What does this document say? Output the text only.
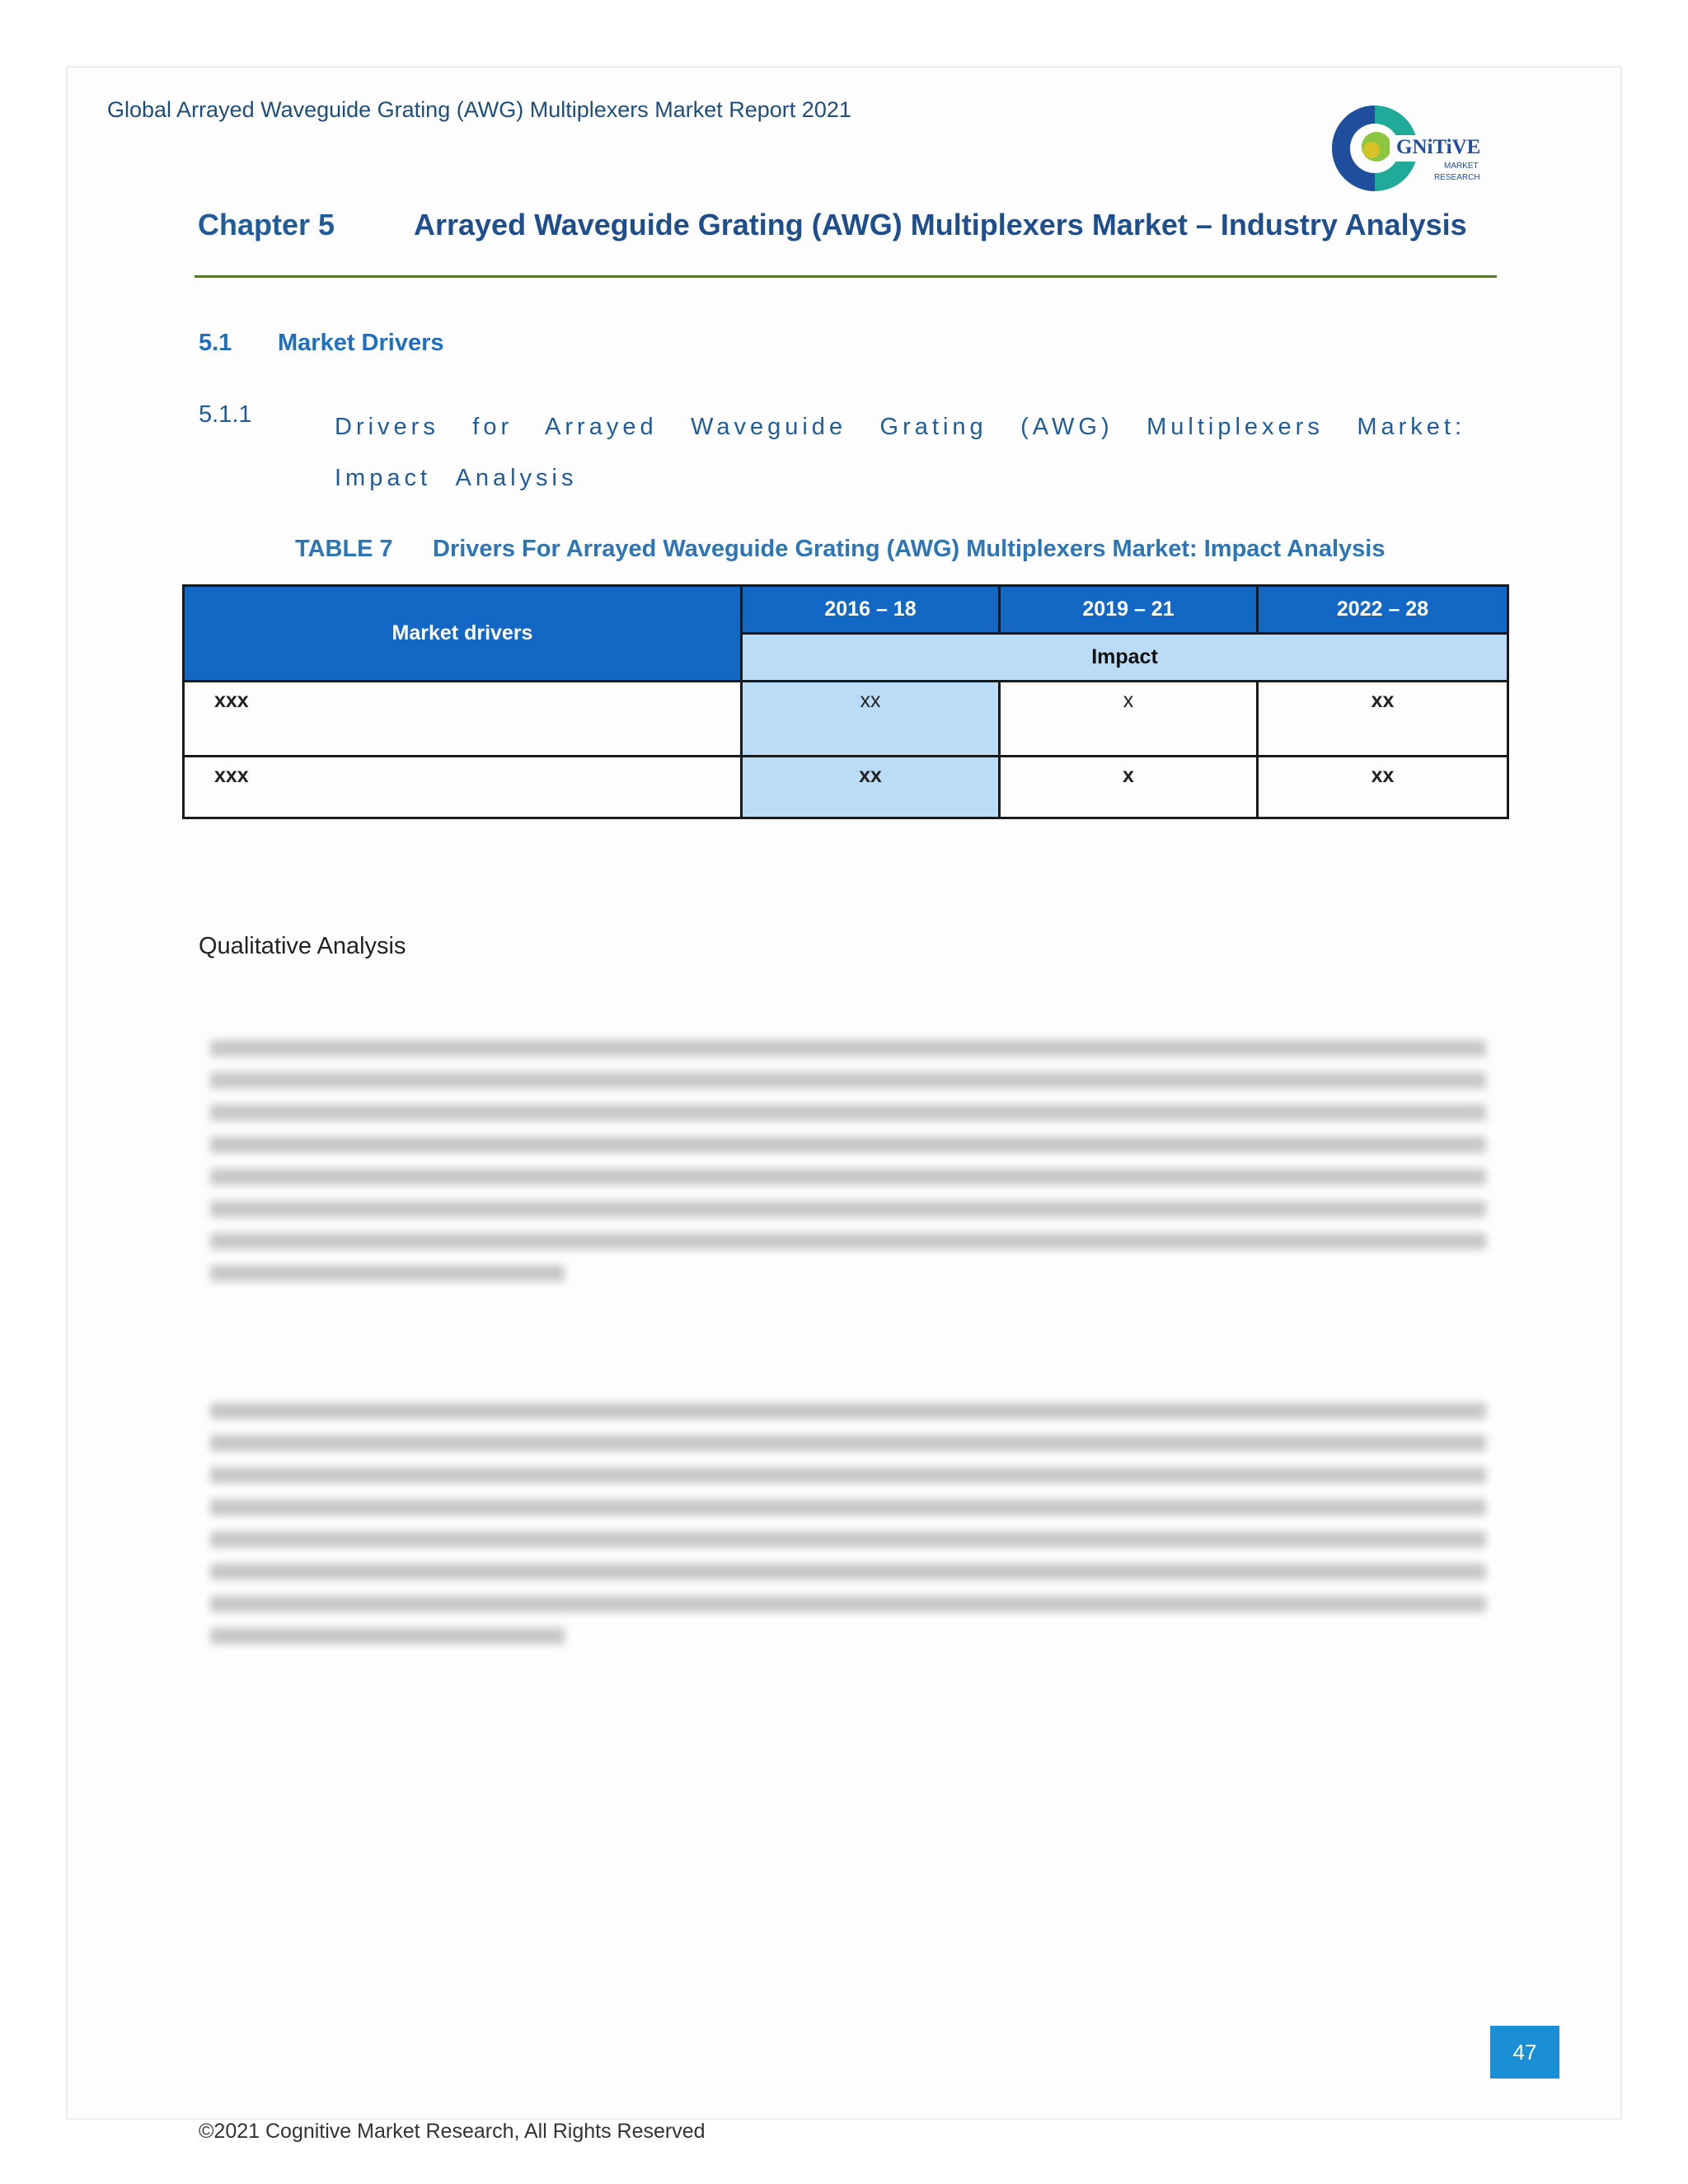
Global Arrayed Waveguide Grating (AWG) Multiplexers Market Report 2021
GNiTiVE
MARKET
RESEARCH
Chapter 5	Arrayed Waveguide Grating (AWG) Multiplexers Market – Industry Analysis
5.1	Market Drivers
5.1.1	Drivers for Arrayed Waveguide Grating (AWG) Multiplexers Market: Impact Analysis
TABLE 7	Drivers For Arrayed Waveguide Grating (AWG) Multiplexers Market: Impact Analysis
Market drivers	2016 – 18	2019 – 21	2022 – 28
	Impact		
xxx	xx	x	xx
xxx	xx	x	xx
Qualitative Analysis
47
©2021 Cognitive Market Research, All Rights Reserved
